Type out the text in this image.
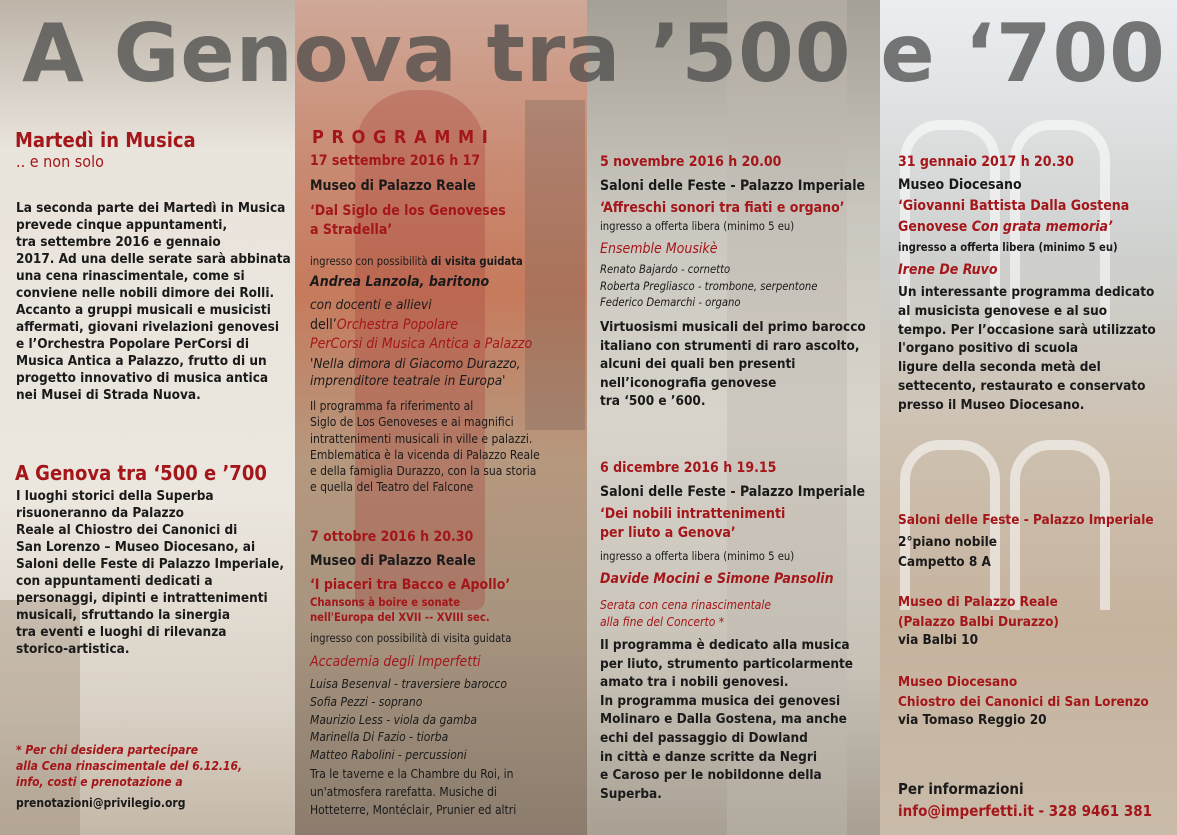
A Genova tra ’500 e ‘700

Martedì in Musica

.. e non solo

La seconda parte dei Martedì in Musica
prevede cinque appuntamenti,
tra settembre 2016 e gennaio
2017. Ad una delle serate sarà abbinata
una cena rinascimentale, come si
conviene nelle nobili dimore dei Rolli.
Accanto a gruppi musicali e musicisti
affermati, giovani rivelazioni genovesi
e l’Orchestra Popolare PerCorsi di
Musica Antica a Palazzo, frutto di un
progetto innovativo di musica antica
nei Musei di Strada Nuova.

A Genova tra ‘500 e ’700

I luoghi storici della Superba
risuoneranno da Palazzo
Reale al Chiostro dei Canonici di
San Lorenzo – Museo Diocesano, ai
Saloni delle Feste di Palazzo Imperiale,
con appuntamenti dedicati a
personaggi, dipinti e intrattenimenti
musicali, sfruttando la sinergia
tra eventi e luoghi di rilevanza
storico-artistica.

* Per chi desidera partecipare
alla Cena rinascimentale del 6.12.16,
info, costi e prenotazione a

prenotazioni@privilegio.org

P R O G R A M M I

17 settembre 2016 h 17

Museo di Palazzo Reale

‘Dal Siglo de los Genoveses
a Stradella’

ingresso con possibilità di visita guidata

Andrea Lanzola, baritono

con docenti e allievi

dell’Orchestra Popolare
PerCorsi di Musica Antica a Palazzo

'Nella dimora di Giacomo Durazzo,
imprenditore teatrale in Europa'

Il programma fa riferimento al
Siglo de Los Genoveses e ai magnifici
intrattenimenti musicali in ville e palazzi.
Emblematica è la vicenda di Palazzo Reale
e della famiglia Durazzo, con la sua storia
e quella del Teatro del Falcone

7 ottobre 2016 h 20.30

Museo di Palazzo Reale

‘I piaceri tra Bacco e Apollo’

Chansons à boire e sonate
nell'Europa del XVII -- XVIII sec.

ingresso con possibilità di visita guidata

Accademia degli Imperfetti

Luisa Besenval - traversiere barocco
Sofia Pezzi - soprano
Maurizio Less - viola da gamba
Marinella Di Fazio - tiorba
Matteo Rabolini - percussioni

Tra le taverne e la Chambre du Roi, in
un'atmosfera rarefatta. Musiche di
Hotteterre, Montéclair, Prunier ed altri

5 novembre 2016 h 20.00

Saloni delle Feste - Palazzo Imperiale

‘Affreschi sonori tra fiati e organo’

ingresso a offerta libera (minimo 5 eu)

Ensemble Mousikè

Renato Bajardo - cornetto
Roberta Pregliasco - trombone, serpentone
Federico Demarchi - organo

Virtuosismi musicali del primo barocco
italiano con strumenti di raro ascolto,
alcuni dei quali ben presenti
nell’iconografia genovese
tra ‘500 e ’600.

6 dicembre 2016 h 19.15

Saloni delle Feste - Palazzo Imperiale

‘Dei nobili intrattenimenti
per liuto a Genova’

ingresso a offerta libera (minimo 5 eu)

Davide Mocini e Simone Pansolin

Serata con cena rinascimentale
alla fine del Concerto *

Il programma è dedicato alla musica
per liuto, strumento particolarmente
amato tra i nobili genovesi.
In programma musica dei genovesi
Molinaro e Dalla Gostena, ma anche
echi del passaggio di Dowland
in città e danze scritte da Negri
e Caroso per le nobildonne della
Superba.

31 gennaio 2017 h 20.30

Museo Diocesano

‘Giovanni Battista Dalla Gostena
Genovese Con grata memoria’

ingresso a offerta libera (minimo 5 eu)

Irene De Ruvo

Un interessante programma dedicato
al musicista genovese e al suo
tempo. Per l’occasione sarà utilizzato
l'organo positivo di scuola
ligure della seconda metà del
settecento, restaurato e conservato
presso il Museo Diocesano.

Saloni delle Feste - Palazzo Imperiale

2°piano nobile
Campetto 8 A

Museo di Palazzo Reale
(Palazzo Balbi Durazzo)

via Balbi 10

Museo Diocesano
Chiostro dei Canonici di San Lorenzo

via Tomaso Reggio 20

Per informazioni

info@imperfetti.it - 328 9461 381
